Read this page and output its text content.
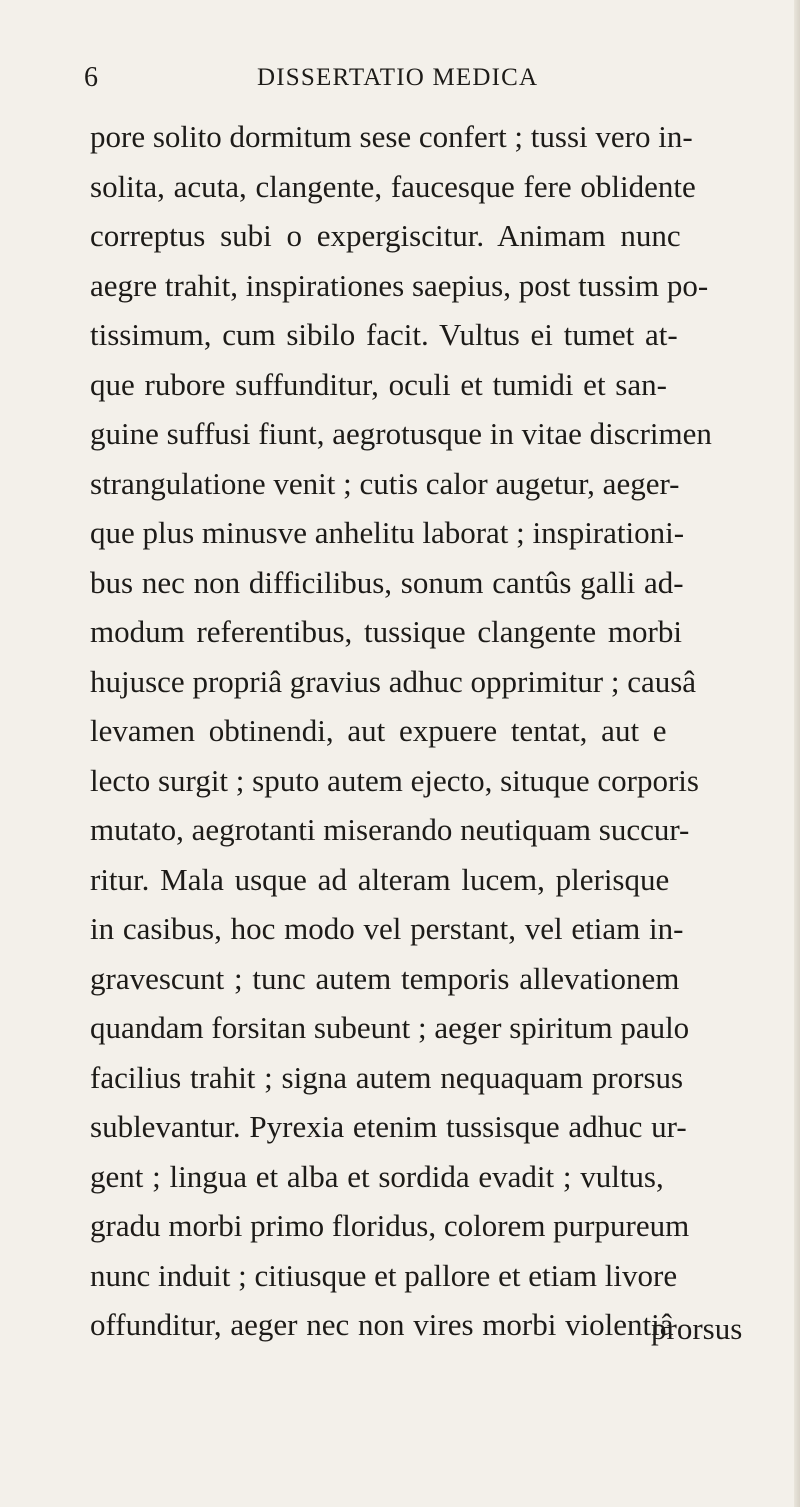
6	DISSERTATIO MEDICA
pore solito dormitum sese confert ; tussi vero in-
solita, acuta, clangente, faucesque fere oblidente
correptus subi o expergiscitur. Animam nunc
aegre trahit, inspirationes saepius, post tussim po-
tissimum, cum sibilo facit. Vultus ei tumet at-
que rubore suffunditur, oculi et tumidi et san-
guine suffusi fiunt, aegrotusque in vitae discrimen
strangulatione venit ; cutis calor augetur, aeger-
que plus minusve anhelitu laborat ; inspirationi-
bus nec non difficilibus, sonum cantûs galli ad-
modum referentibus, tussique clangente morbi
hujusce propriâ gravius adhuc opprimitur ; causâ
levamen obtinendi, aut expuere tentat, aut e
lecto surgit ; sputo autem ejecto, situque corporis
mutato, aegrotanti miserando neutiquam succur-
ritur. Mala usque ad alteram lucem, plerisque
in casibus, hoc modo vel perstant, vel etiam in-
gravescunt ; tunc autem temporis allevationem
quandam forsitan subeunt ; aeger spiritum paulo
facilius trahit ; signa autem nequaquam prorsus
sublevantur. Pyrexia etenim tussisque adhuc ur-
gent ; lingua et alba et sordida evadit ; vultus,
gradu morbi primo floridus, colorem purpureum
nunc induit ; citiusque et pallore et etiam livore
offunditur, aeger nec non vires morbi violentiâ
prorsus
